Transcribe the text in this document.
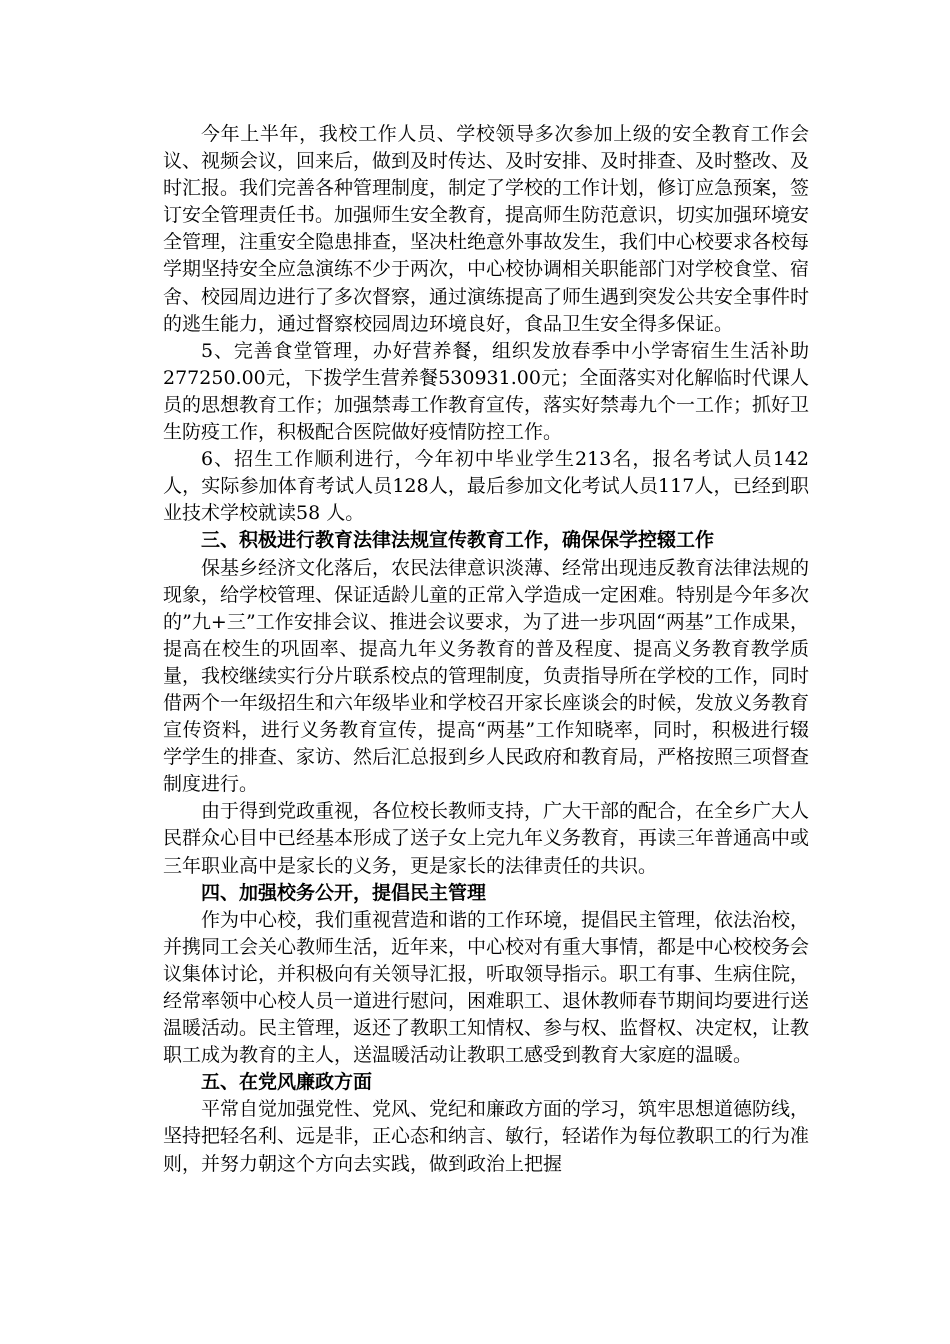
今年上半年，我校工作人员、学校领导多次参加上级的安全教育工作会议、视频会议，回来后，做到及时传达、及时安排、及时排查、及时整改、及时汇报。我们完善各种管理制度，制定了学校的工作计划，修订应急预案，签订安全管理责任书。加强师生安全教育，提高师生防范意识，切实加强环境安全管理，注重安全隐患排查，坚决杜绝意外事故发生，我们中心校要求各校每学期坚持安全应急演练不少于两次，中心校协调相关职能部门对学校食堂、宿舍、校园周边进行了多次督察，通过演练提高了师生遇到突发公共安全事件时的逃生能力，通过督察校园周边环境良好，食品卫生安全得多保证。

5、完善食堂管理，办好营养餐，组织发放春季中小学寄宿生生活补助277250.00元，下拨学生营养餐530931.00元；全面落实对化解临时代课人员的思想教育工作；加强禁毒工作教育宣传，落实好禁毒九个一工作；抓好卫生防疫工作，积极配合医院做好疫情防控工作。

6、招生工作顺利进行，今年初中毕业学生213名，报名考试人员142人，实际参加体育考试人员128人，最后参加文化考试人员117人，已经到职业技术学校就读58 人。

三、积极进行教育法律法规宣传教育工作，确保保学控辍工作

保基乡经济文化落后，农民法律意识淡薄、经常出现违反教育法律法规的现象，给学校管理、保证适龄儿童的正常入学造成一定困难。特别是今年多次的”九+三”工作安排会议、推进会议要求，为了进一步巩固“两基”工作成果，提高在校生的巩固率、提高九年义务教育的普及程度、提高义务教育教学质量，我校继续实行分片联系校点的管理制度，负责指导所在学校的工作，同时借两个一年级招生和六年级毕业和学校召开家长座谈会的时候，发放义务教育宣传资料，进行义务教育宣传，提高“两基”工作知晓率，同时，积极进行辍学学生的排查、家访、然后汇总报到乡人民政府和教育局，严格按照三项督查制度进行。

由于得到党政重视，各位校长教师支持，广大干部的配合，在全乡广大人民群众心目中已经基本形成了送子女上完九年义务教育，再读三年普通高中或三年职业高中是家长的义务，更是家长的法律责任的共识。

四、加强校务公开，提倡民主管理

作为中心校，我们重视营造和谐的工作环境，提倡民主管理，依法治校，并携同工会关心教师生活，近年来，中心校对有重大事情，都是中心校校务会议集体讨论，并积极向有关领导汇报，听取领导指示。职工有事、生病住院，经常率领中心校人员一道进行慰问，困难职工、退休教师春节期间均要进行送温暖活动。民主管理，返还了教职工知情权、参与权、监督权、决定权，让教职工成为教育的主人，送温暖活动让教职工感受到教育大家庭的温暖。

五、在党风廉政方面

平常自觉加强党性、党风、党纪和廉政方面的学习，筑牢思想道德防线，坚持把轻名利、远是非，正心态和纳言、敏行，轻诺作为每位教职工的行为准则，并努力朝这个方向去实践，做到政治上把握
